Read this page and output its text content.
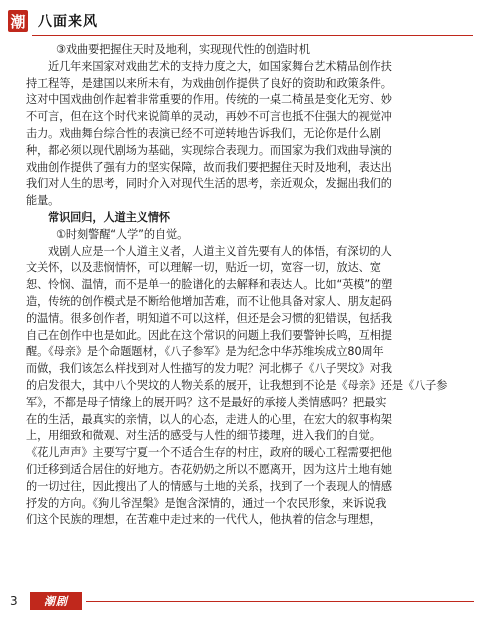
潮 八面来风
③戏曲要把握住天时及地利，实现现代性的创造时机
近几年来国家对戏曲艺术的支持力度之大，如国家舞台艺术精品创作扶
持工程等，是建国以来所未有，为戏曲创作提供了良好的资助和政策条件。
这对中国戏曲创作起着非常重要的作用。传统的一桌二椅虽是变化无穷、妙
不可言，但在这个时代来说简单的灵动，再妙不可言也抵不住强大的视觉冲
击力。戏曲舞台综合性的表演已经不可逆转地告诉我们，无论你是什么剧
种，都必须以现代剧场为基础，实现综合表现力。而国家为我们戏曲导演的
戏曲创作提供了强有力的坚实保障，故而我们要把握住天时及地利，表达出
我们对人生的思考，同时介入对现代生活的思考，亲近观众，发掘出我们的
能量。
常识回归，人道主义情怀
①时刻警醒“人学”的自觉。
戏剧人应是一个人道主义者，人道主义首先要有人的体悟，有深切的人
文关怀，以及悲悯情怀，可以理解一切，贴近一切，宽容一切，放达、宽
恕、怜悯、温情，而不是单一的脸谱化的去解释和表达人。比如“英模”的塑
造，传统的创作模式是不断给他增加苦难，而不让他具备对家人、朋友起码
的温情。很多创作者，明知道不可以这样，但还是会习惯的犯错误，包括我
自己在创作中也是如此。因此在这个常识的问题上我们要警钟长鸣，互相提
醒。《母亲》是个命题题材，《八子参军》是为纪念中华苏维埃成立80周年
而做，我们该怎么样找到对人性描写的发力呢？河北梆子《八子哭坟》对我
的启发很大，其中八个哭坟的人物关系的展开，让我想到不论是《母亲》还是《八子参
军》，不都是母子情缘上的展开吗？这不是最好的承接人类情感吗？把最实
在的生活，最真实的亲情，以人的心态，走进人的心里，在宏大的叙事构架
上，用细致和微观、对生活的感受与人性的细节搂理，进入我们的自觉。
《花儿声声》主要写宁夏一个不适合生存的村庄，政府的暖心工程需要把他
们迁移到适合居住的好地方。杏花奶奶之所以不愿离开，因为这片土地有她
的一切过往，因此搜出了人的情感与土地的关系，找到了一个表现人的情感
抒发的方向。《狗儿爷涅槃》是饱含深情的，通过一个农民形象，来诉说我
们这个民族的理想，在苦难中走过来的一代代人，他执着的信念与理想，
3	潮剧
